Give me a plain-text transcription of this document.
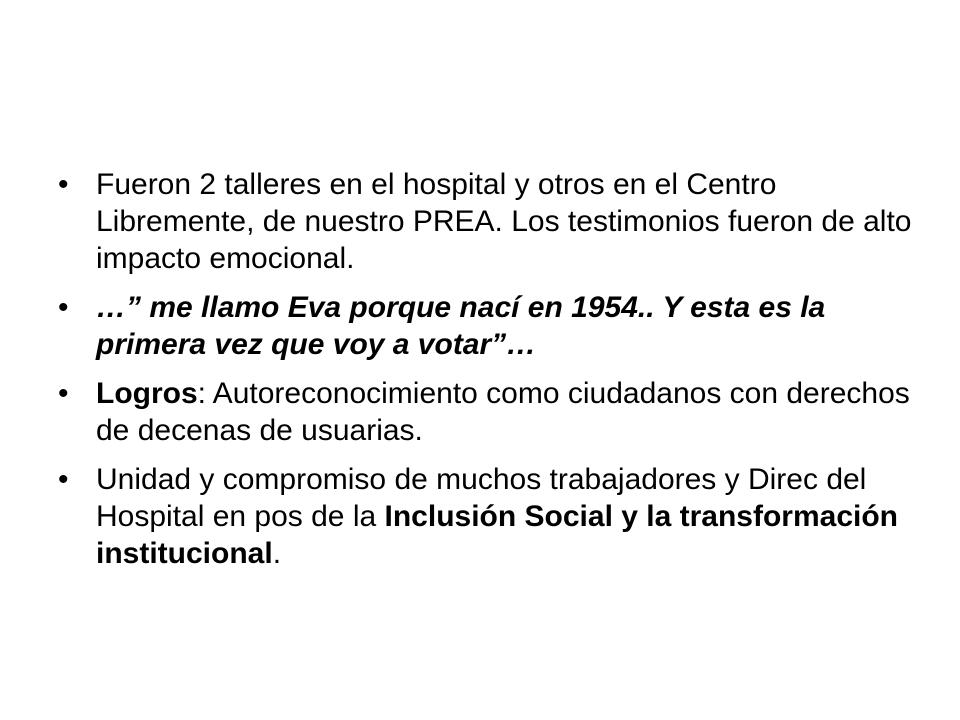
• Fueron 2 talleres en el hospital y otros en el Centro Libremente, de nuestro PREA. Los testimonios fueron de alto impacto emocional.
• …” me llamo Eva porque nací en 1954.. Y esta es la primera vez que voy a votar”…
• Logros: Autoreconocimiento como ciudadanos con derechos de decenas de usuarias.
• Unidad y compromiso de muchos trabajadores y Direc del Hospital en pos de la Inclusión Social y la transformación institucional.
